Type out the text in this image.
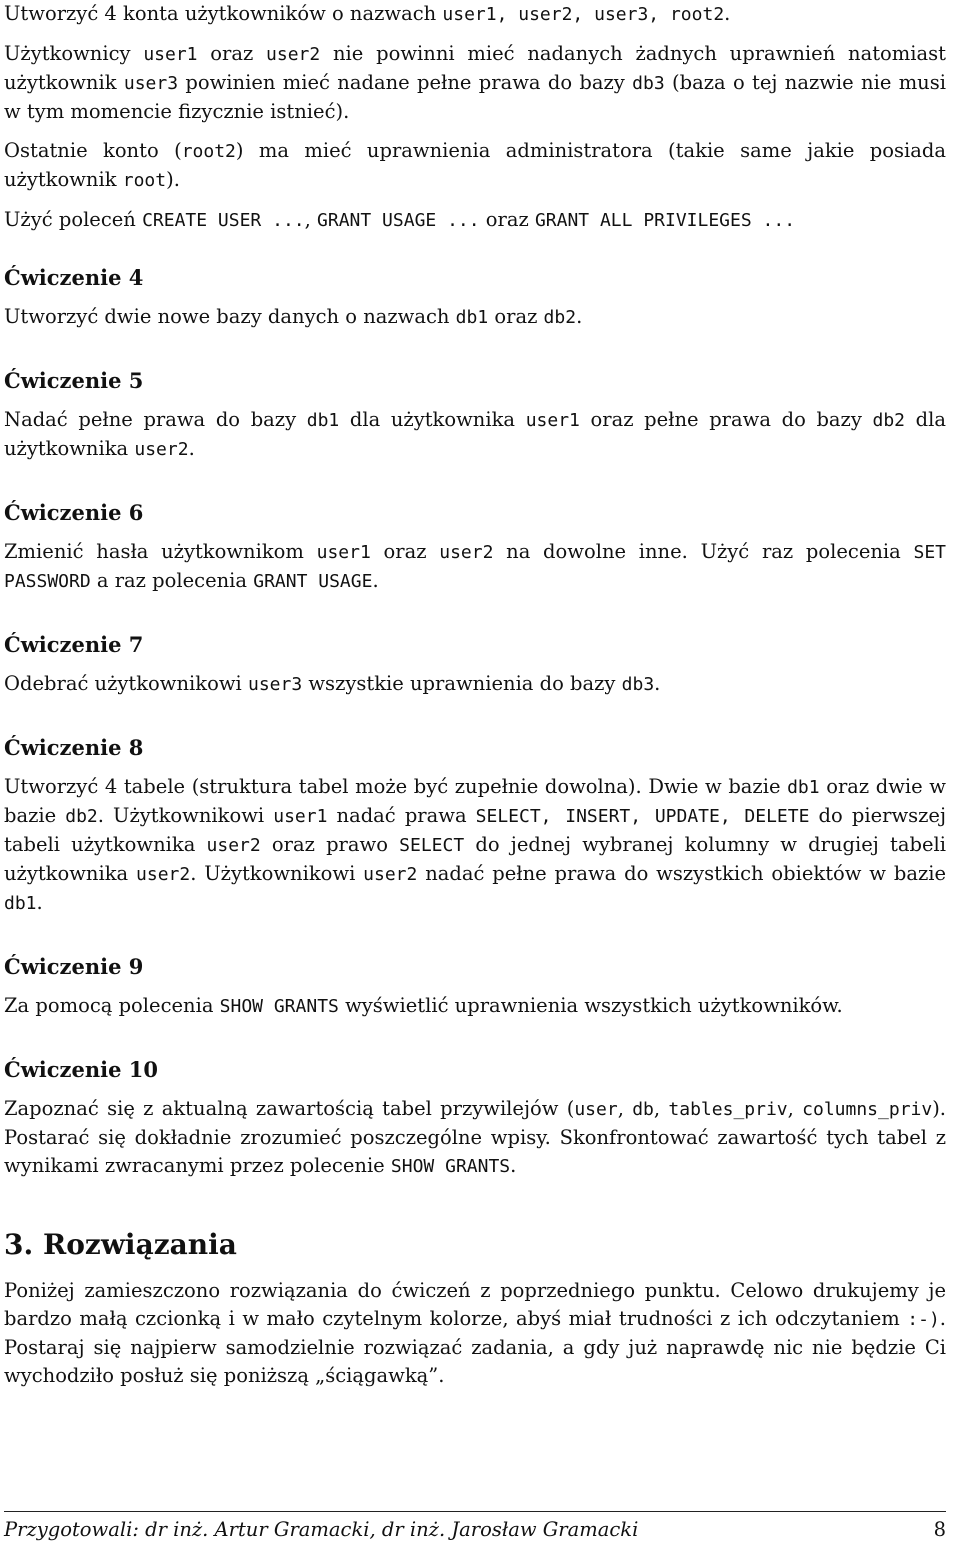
Utworzyć 4 konta użytkowników o nazwach user1, user2, user3, root2.

Użytkownicy user1 oraz user2 nie powinni mieć nadanych żadnych uprawnień natomiast użytkownik user3 powinien mieć nadane pełne prawa do bazy db3 (baza o tej nazwie nie musi w tym momencie fizycznie istnieć).

Ostatnie konto (root2) ma mieć uprawnienia administratora (takie same jakie posiada użytkownik root).

Użyć poleceń CREATE USER ..., GRANT USAGE ... oraz GRANT ALL PRIVILEGES ...

Ćwiczenie 4

Utworzyć dwie nowe bazy danych o nazwach db1 oraz db2.

Ćwiczenie 5

Nadać pełne prawa do bazy db1 dla użytkownika user1 oraz pełne prawa do bazy db2 dla użytkownika user2.

Ćwiczenie 6

Zmienić hasła użytkownikom user1 oraz user2 na dowolne inne. Użyć raz polecenia SET PASSWORD a raz polecenia GRANT USAGE.

Ćwiczenie 7

Odebrać użytkownikowi user3 wszystkie uprawnienia do bazy db3.

Ćwiczenie 8

Utworzyć 4 tabele (struktura tabel może być zupełnie dowolna). Dwie w bazie db1 oraz dwie w bazie db2. Użytkownikowi user1 nadać prawa SELECT, INSERT, UPDATE, DELETE do pierwszej tabeli użytkownika user2 oraz prawo SELECT do jednej wybranej kolumny w drugiej tabeli użytkownika user2. Użytkownikowi user2 nadać pełne prawa do wszystkich obiektów w bazie db1.

Ćwiczenie 9

Za pomocą polecenia SHOW GRANTS wyświetlić uprawnienia wszystkich użytkowników.

Ćwiczenie 10

Zapoznać się z aktualną zawartością tabel przywilejów (user, db, tables_priv, columns_priv). Postarać się dokładnie zrozumieć poszczególne wpisy. Skonfrontować zawartość tych tabel z wynikami zwracanymi przez polecenie SHOW GRANTS.

3. Rozwiązania

Poniżej zamieszczono rozwiązania do ćwiczeń z poprzedniego punktu. Celowo drukujemy je bardzo małą czcionką i w mało czytelnym kolorze, abyś miał trudności z ich odczytaniem :-). Postaraj się najpierw samodzielnie rozwiązać zadania, a gdy już naprawdę nic nie będzie Ci wychodziło posłuż się poniższą „ściągawką”.

Przygotowali: dr inż. Artur Gramacki, dr inż. Jarosław Gramacki	8
